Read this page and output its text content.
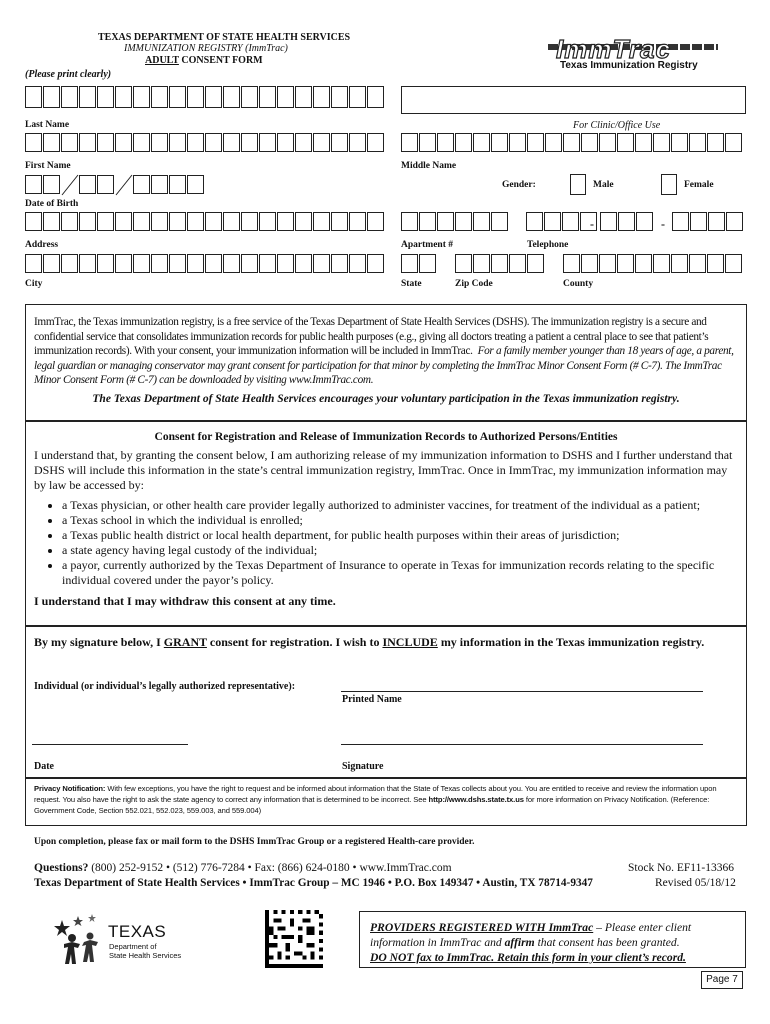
TEXAS DEPARTMENT OF STATE HEALTH SERVICES
IMMUNIZATION REGISTRY (ImmTrac)
ADULT CONSENT FORM
(Please print clearly)
ImmTrac
Texas Immunization Registry
Last Name	For Clinic/Office Use
First Name	Middle Name
Date of Birth
Gender:	Male	Female
-	-
Address	Apartment #	Telephone
City	State	Zip Code	County
ImmTrac, the Texas immunization registry, is a free service of the Texas Department of State Health Services (DSHS). The immunization registry is a secure and confidential service that consolidates immunization records for public health purposes (e.g., giving all doctors treating a patient a central place to see that patient’s immunization records). With your consent, your immunization information will be included in ImmTrac. For a family member younger than 18 years of age, a parent, legal guardian or managing conservator may grant consent for participation for that minor by completing the ImmTrac Minor Consent Form (# C-7). The ImmTrac Minor Consent Form (# C-7) can be downloaded by visiting www.ImmTrac.com.
The Texas Department of State Health Services encourages your voluntary participation in the Texas immunization registry.
Consent for Registration and Release of Immunization Records to Authorized Persons/Entities
I understand that, by granting the consent below, I am authorizing release of my immunization information to DSHS and I further understand that DSHS will include this information in the state’s central immunization registry, ImmTrac. Once in ImmTrac, my immunization information may by law be accessed by:
• a Texas physician, or other health care provider legally authorized to administer vaccines, for treatment of the individual as a patient;
• a Texas school in which the individual is enrolled;
• a Texas public health district or local health department, for public health purposes within their areas of jurisdiction;
• a state agency having legal custody of the individual;
• a payor, currently authorized by the Texas Department of Insurance to operate in Texas for immunization records relating to the specific individual covered under the payor’s policy.
I understand that I may withdraw this consent at any time.
By my signature below, I GRANT consent for registration. I wish to INCLUDE my information in the Texas immunization registry.
Individual (or individual’s legally authorized representative):
Printed Name
Date	Signature
Privacy Notification: With few exceptions, you have the right to request and be informed about information that the State of Texas collects about you. You are entitled to receive and review the information upon request. You also have the right to ask the state agency to correct any information that is determined to be incorrect. See http://www.dshs.state.tx.us for more information on Privacy Notification. (Reference: Government Code, Section 552.021, 552.023, 559.003, and 559.004)
Upon completion, please fax or mail form to the DSHS ImmTrac Group or a registered Health-care provider.
Questions? (800) 252-9152 • (512) 776-7284 • Fax: (866) 624-0180 • www.ImmTrac.com
Texas Department of State Health Services • ImmTrac Group – MC 1946 • P.O. Box 149347 • Austin, TX 78714-9347
Stock No. EF11-13366
Revised 05/18/12
TEXAS
Department of
State Health Services
PROVIDERS REGISTERED WITH ImmTrac – Please enter client information in ImmTrac and affirm that consent has been granted.
DO NOT fax to ImmTrac. Retain this form in your client’s record.
Page 7
